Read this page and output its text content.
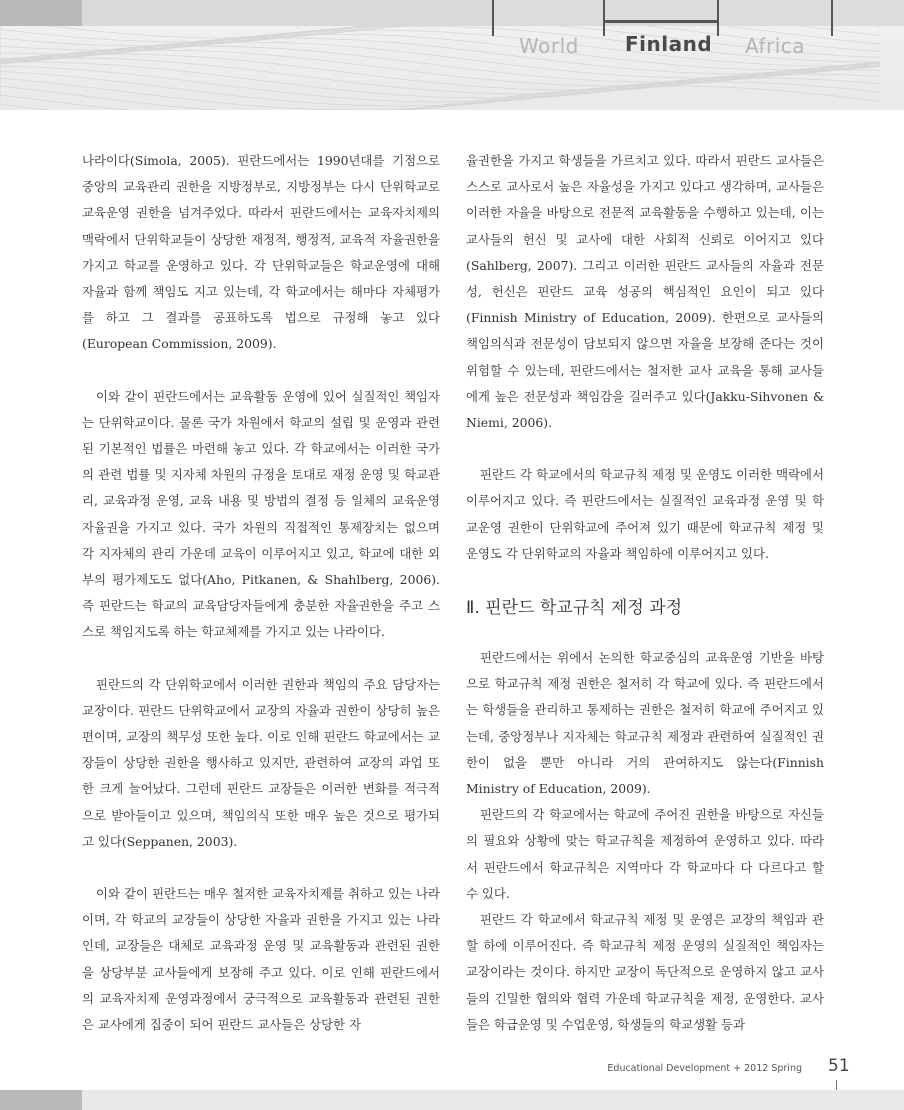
World Finland Africa

나라이다(Simola, 2005). 핀란드에서는 1990년대를 기점으로 중앙의 교육관리 권한을 지방정부로, 지방정부는 다시 단위학교로 교육운영 권한을 넘겨주었다. 따라서 핀란드에서는 교육자치제의 맥락에서 단위학교들이 상당한 재정적, 행정적, 교육적 자율권한을 가지고 학교를 운영하고 있다. 각 단위학교들은 학교운영에 대해 자율과 함께 책임도 지고 있는데, 각 학교에서는 해마다 자체평가를 하고 그 결과를 공표하도록 법으로 규정해 놓고 있다(European Commission, 2009).

이와 같이 핀란드에서는 교육활동 운영에 있어 실질적인 책임자는 단위학교이다. 물론 국가 차원에서 학교의 설립 및 운영과 관련된 기본적인 법률은 마련해 놓고 있다. 각 학교에서는 이러한 국가의 관련 법률 및 지자체 차원의 규정을 토대로 재정 운영 및 학교관리, 교육과정 운영, 교육 내용 및 방법의 결정 등 일체의 교육운영 자율권을 가지고 있다. 국가 차원의 직접적인 통제장치는 없으며 각 지자체의 관리 가운데 교육이 이루어지고 있고, 학교에 대한 외부의 평가제도도 없다(Aho, Pitkanen, & Shahlberg, 2006). 즉 핀란드는 학교의 교육담당자들에게 충분한 자율권한을 주고 스스로 책임지도록 하는 학교체제를 가지고 있는 나라이다.

핀란드의 각 단위학교에서 이러한 권한과 책임의 주요 담당자는 교장이다. 핀란드 단위학교에서 교장의 자율과 권한이 상당히 높은 편이며, 교장의 책무성 또한 높다. 이로 인해 핀란드 학교에서는 교장들이 상당한 권한을 행사하고 있지만, 관련하여 교장의 과업 또한 크게 늘어났다. 그런데 핀란드 교장들은 이러한 변화를 적극적으로 받아들이고 있으며, 책임의식 또한 매우 높은 것으로 평가되고 있다(Seppanen, 2003).

이와 같이 핀란드는 매우 철저한 교육자치제를 취하고 있는 나라이며, 각 학교의 교장들이 상당한 자율과 권한을 가지고 있는 나라인데, 교장들은 대체로 교육과정 운영 및 교육활동과 관련된 권한을 상당부분 교사들에게 보장해 주고 있다. 이로 인해 핀란드에서의 교육자치제 운영과정에서 궁극적으로 교육활동과 관련된 권한은 교사에게 집중이 되어 핀란드 교사들은 상당한 자

율권한을 가지고 학생들을 가르치고 있다. 따라서 핀란드 교사들은 스스로 교사로서 높은 자율성을 가지고 있다고 생각하며, 교사들은 이러한 자율을 바탕으로 전문적 교육활동을 수행하고 있는데, 이는 교사들의 헌신 및 교사에 대한 사회적 신뢰로 이어지고 있다(Sahlberg, 2007). 그리고 이러한 핀란드 교사들의 자율과 전문성, 헌신은 핀란드 교육 성공의 핵심적인 요인이 되고 있다(Finnish Ministry of Education, 2009). 한편으로 교사들의 책임의식과 전문성이 담보되지 않으면 자율을 보장해 준다는 것이 위험할 수 있는데, 핀란드에서는 철저한 교사 교육을 통해 교사들에게 높은 전문성과 책임감을 길러주고 있다(Jakku-Sihvonen & Niemi, 2006).

핀란드 각 학교에서의 학교규칙 제정 및 운영도 이러한 맥락에서 이루어지고 있다. 즉 핀란드에서는 실질적인 교육과정 운영 및 학교운영 권한이 단위학교에 주어져 있기 때문에 학교규칙 제정 및 운영도 각 단위학교의 자율과 책임하에 이루어지고 있다.

Ⅱ. 핀란드 학교규칙 제정 과정

핀란드에서는 위에서 논의한 학교중심의 교육운영 기반을 바탕으로 학교규칙 제정 권한은 철저히 각 학교에 있다. 즉 핀란드에서는 학생들을 관리하고 통제하는 권한은 철저히 학교에 주어지고 있는데, 중앙정부나 지자체는 학교규칙 제정과 관련하여 실질적인 권한이 없을 뿐만 아니라 거의 관여하지도 않는다(Finnish Ministry of Education, 2009).

핀란드의 각 학교에서는 학교에 주어진 권한을 바탕으로 자신들의 필요와 상황에 맞는 학교규칙을 제정하여 운영하고 있다. 따라서 핀란드에서 학교규칙은 지역마다 각 학교마다 다 다르다고 할 수 있다.

핀란드 각 학교에서 학교규칙 제정 및 운영은 교장의 책임과 관할 하에 이루어진다. 즉 학교규칙 제정 운영의 실질적인 책임자는 교장이라는 것이다. 하지만 교장이 독단적으로 운영하지 않고 교사들의 긴밀한 협의와 협력 가운데 학교규칙을 제정, 운영한다. 교사들은 학급운영 및 수업운영, 학생들의 학교생활 등과

Educational Development + 2012 Spring 51
